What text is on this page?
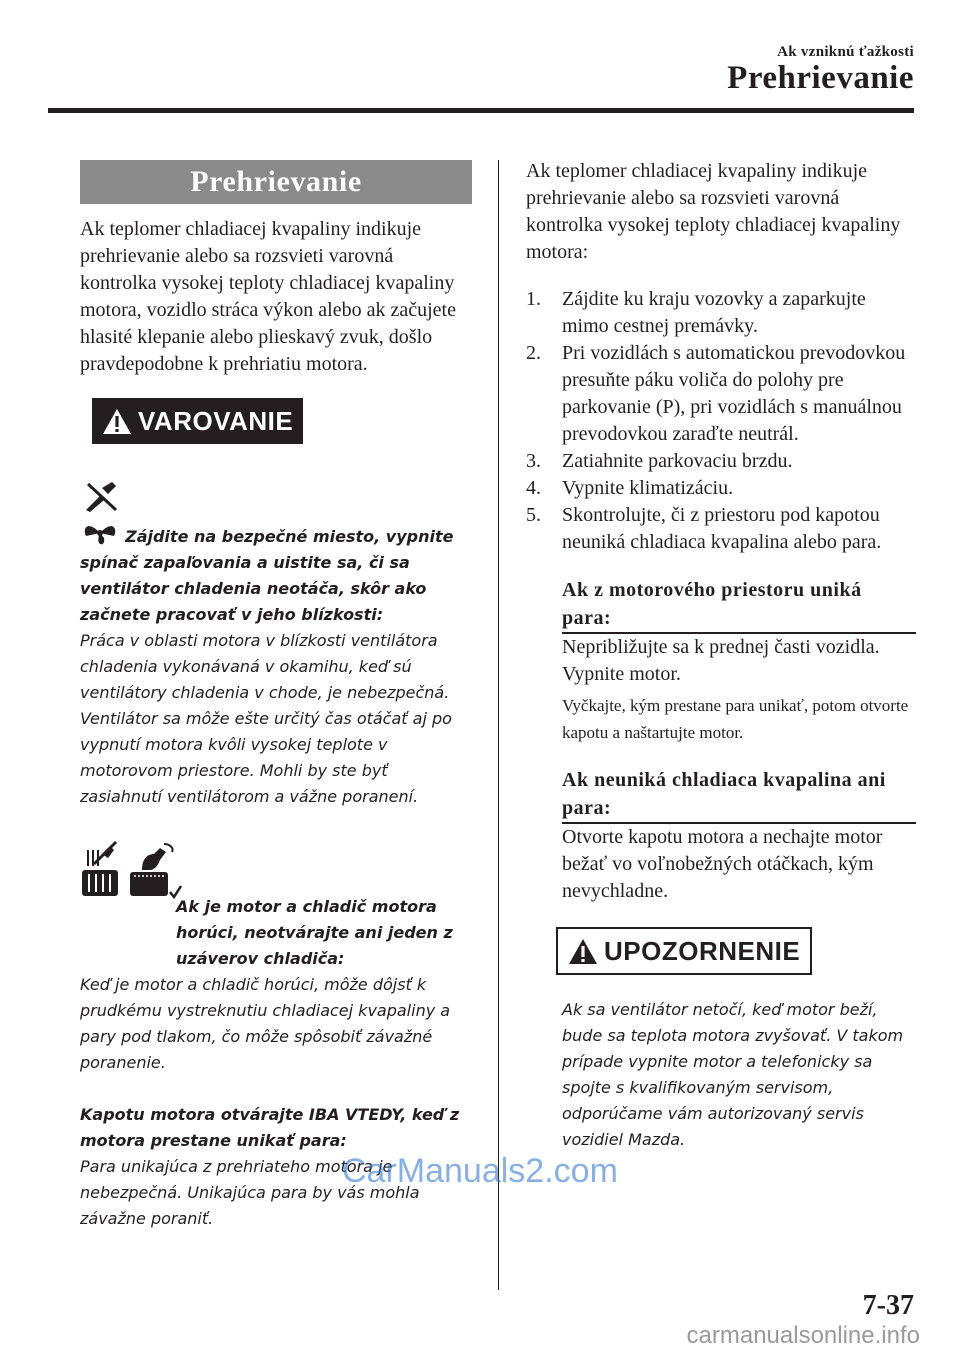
Ak vzniknú ťažkosti
Prehrievanie
Prehrievanie

Ak teplomer chladiacej kvapaliny indikuje prehrievanie alebo sa rozsvieti varovná kontrolka vysokej teploty chladiacej kvapaliny motora, vozidlo stráca výkon alebo ak začujete hlasité klepanie alebo plieskavý zvuk, došlo pravdepodobne k prehriatiu motora.

VAROVANIE
Zájdite na bezpečné miesto, vypnite spínač zapaľovania a uistite sa, či sa ventilátor chladenia neotáča, skôr ako začnete pracovať v jeho blízkosti:
Práca v oblasti motora v blízkosti ventilátora chladenia vykonávaná v okamihu, keď sú ventilátory chladenia v chode, je nebezpečná. Ventilátor sa môže ešte určitý čas otáčať aj po vypnutí motora kvôli vysokej teplote v motorovom priestore. Mohli by ste byť zasiahnutí ventilátorom a vážne poranení.
Ak je motor a chladič motora horúci, neotvárajte ani jeden z uzáverov chladiča:
Keď je motor a chladič horúci, môže dôjsť k prudkému vystreknutiu chladiacej kvapaliny a pary pod tlakom, čo môže spôsobiť závažné poranenie.
Kapotu motora otvárajte IBA VTEDY, keď z motora prestane unikať para:
Para unikajúca z prehriateho motora je nebezpečná. Unikajúca para by vás mohla závažne poraniť.

Ak teplomer chladiacej kvapaliny indikuje prehrievanie alebo sa rozsvieti varovná kontrolka vysokej teploty chladiacej kvapaliny motora:

1.	Zájdite ku kraju vozovky a zaparkujte mimo cestnej premávky.
2.	Pri vozidlách s automatickou prevodovkou presuňte páku voliča do polohy pre parkovanie (P), pri vozidlách s manuálnou prevodovkou zaraďte neutrál.
3.	Zatiahnite parkovaciu brzdu.
4.	Vypnite klimatizáciu.
5.	Skontrolujte, či z priestoru pod kapotou neuniká chladiaca kvapalina alebo para.
Ak z motorového priestoru uniká para:

Nepribližujte sa k prednej časti vozidla. Vypnite motor.

Vyčkajte, kým prestane para unikať, potom otvorte kapotu a naštartujte motor.

Ak neuniká chladiaca kvapalina ani para:

Otvorte kapotu motora a nechajte motor bežať vo voľnobežných otáčkach, kým nevychladne.

UPOZORNENIE
Ak sa ventilátor netočí, keď motor beží, bude sa teplota motora zvyšovať. V takom prípade vypnite motor a telefonicky sa spojte s kvalifikovaným servisom, odporúčame vám autorizovaný servis vozidiel Mazda.
7-37
CarManuals2.com
carmanualsonline.info
